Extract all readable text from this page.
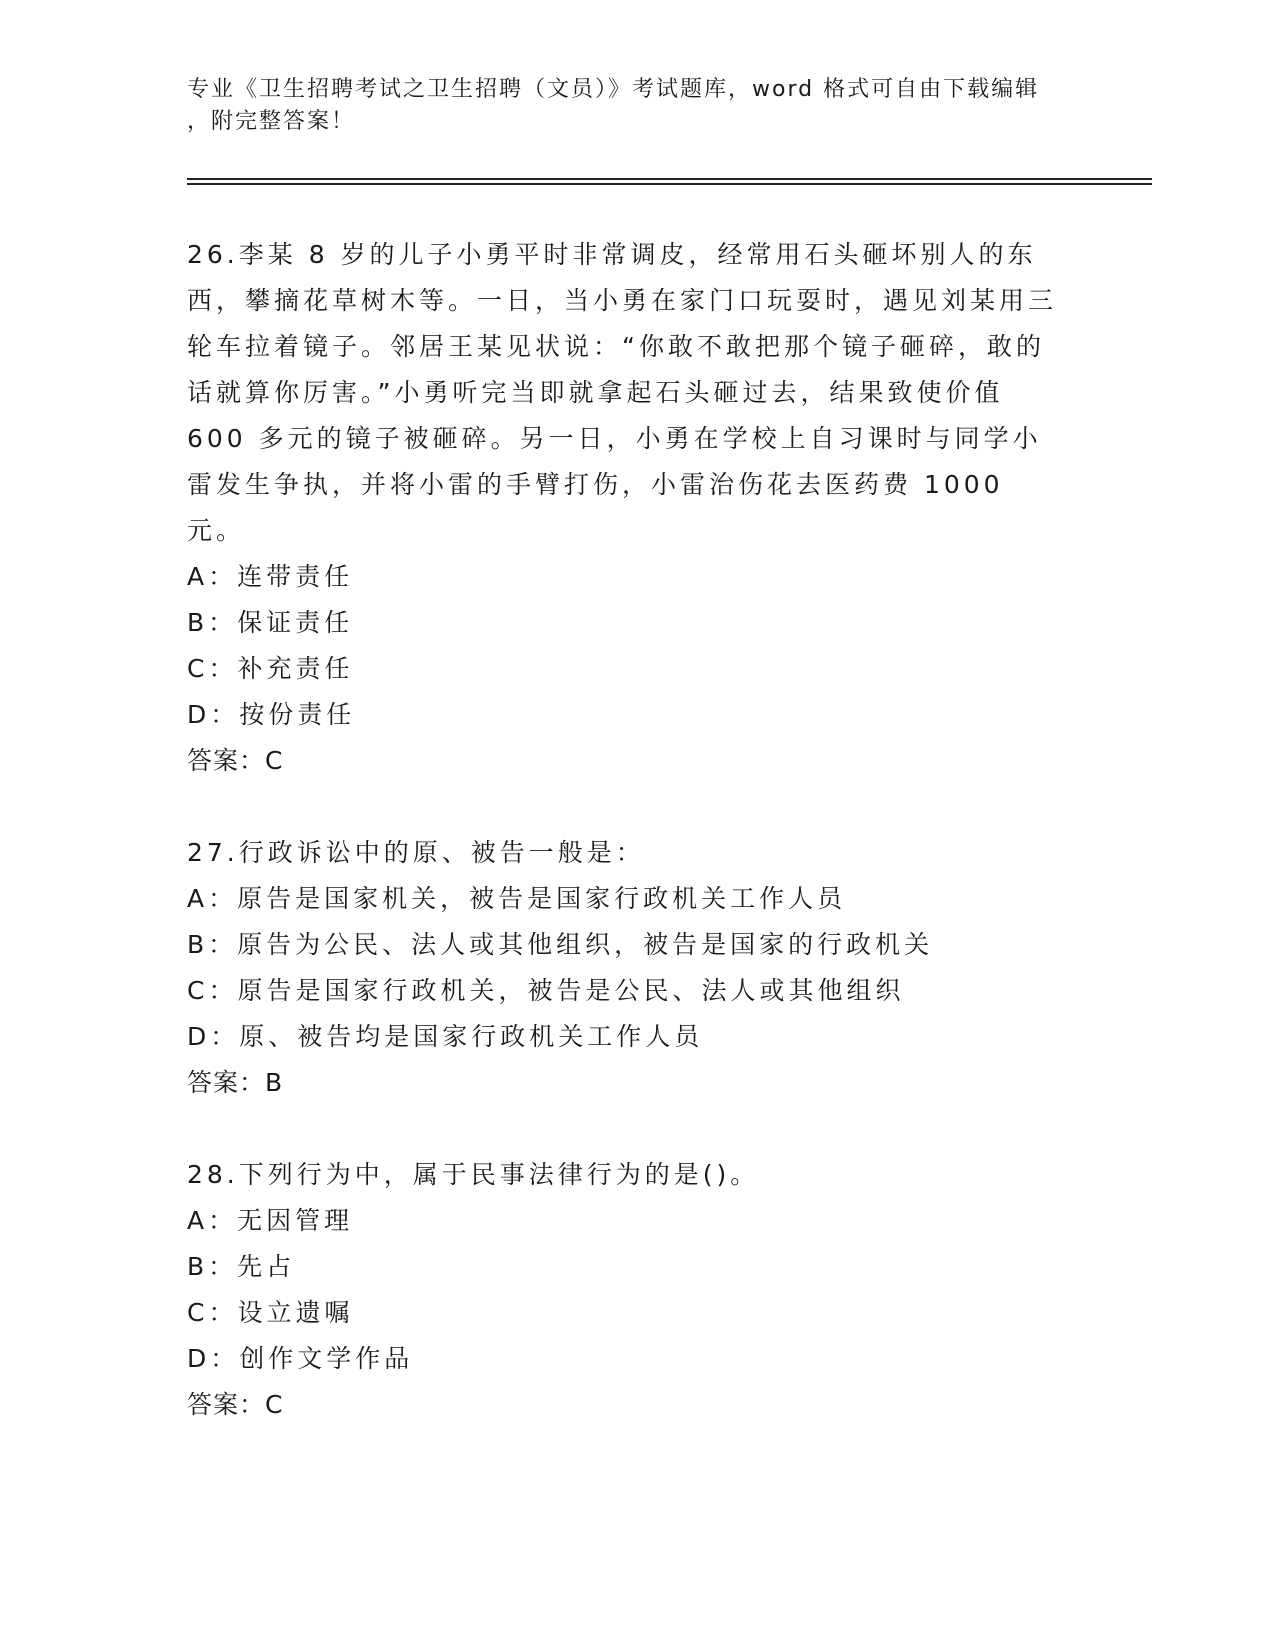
专业《卫生招聘考试之卫生招聘（文员）》考试题库，word 格式可自由下载编辑
，附完整答案！

26.李某 8 岁的儿子小勇平时非常调皮，经常用石头砸坏别人的东西，攀摘花草树木等。一日，当小勇在家门口玩耍时，遇见刘某用三轮车拉着镜子。邻居王某见状说：“你敢不敢把那个镜子砸碎，敢的话就算你厉害。”小勇听完当即就拿起石头砸过去，结果致使价值 600 多元的镜子被砸碎。另一日，小勇在学校上自习课时与同学小雷发生争执，并将小雷的手臂打伤，小雷治伤花去医药费 1000 元。

A：连带责任

B：保证责任

C：补充责任

D：按份责任

答案：C

27.行政诉讼中的原、被告一般是：

A：原告是国家机关，被告是国家行政机关工作人员

B：原告为公民、法人或其他组织，被告是国家的行政机关

C：原告是国家行政机关，被告是公民、法人或其他组织

D：原、被告均是国家行政机关工作人员

答案：B

28.下列行为中，属于民事法律行为的是()。

A：无因管理

B：先占

C：设立遗嘱

D：创作文学作品

答案：C
